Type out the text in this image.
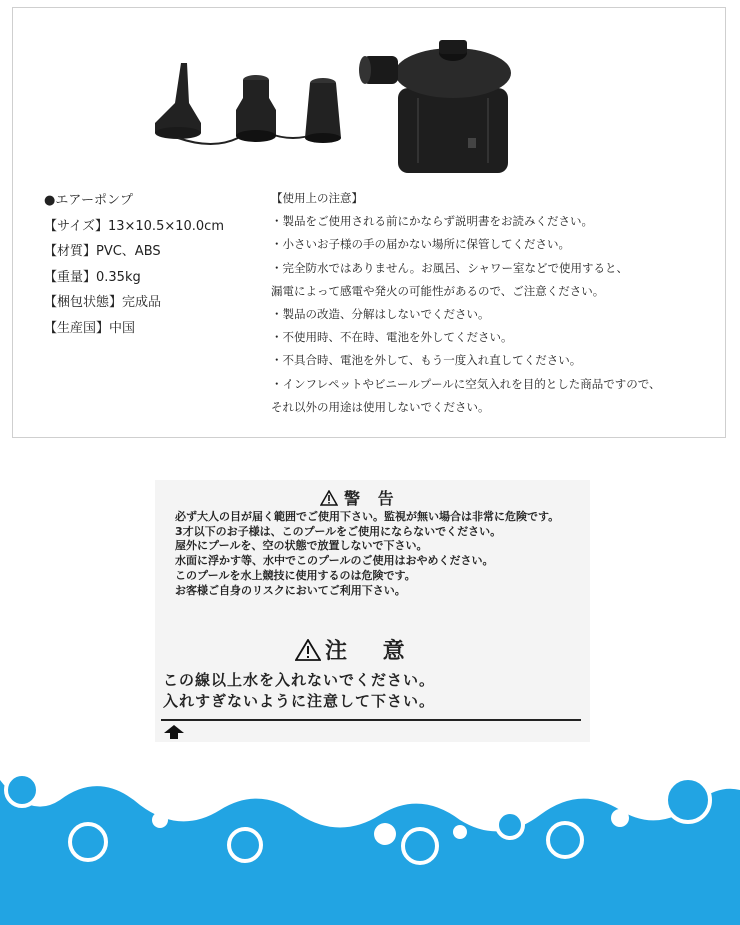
●エアーポンプ
【サイズ】13×10.5×10.0cm
【材質】PVC、ABS
【重量】0.35kg
【梱包状態】完成品
【生産国】中国
【使用上の注意】
・製品をご使用される前にかならず説明書をお読みください。
・小さいお子様の手の届かない場所に保管してください。
・完全防水ではありません。お風呂、シャワー室などで使用すると、
漏電によって感電や発火の可能性があるので、ご注意ください。
・製品の改造、分解はしないでください。
・不使用時、不在時、電池を外してください。
・不具合時、電池を外して、もう一度入れ直してください。
・インフレペットやビニールプールに空気入れを目的とした商品ですので、
それ以外の用途は使用しないでください。
警 告
必ず大人の目が届く範囲でご使用下さい。監視が無い場合は非常に危険です。
3才以下のお子様は、このプールをご使用にならないでください。
屋外にプールを、空の状態で放置しないで下さい。
水面に浮かす等、水中でこのプールのご使用はおやめください。
このプールを水上競技に使用するのは危険です。
お客様ご自身のリスクにおいてご利用下さい。
注 意
この線以上水を入れないでください。
入れすぎないように注意して下さい。
